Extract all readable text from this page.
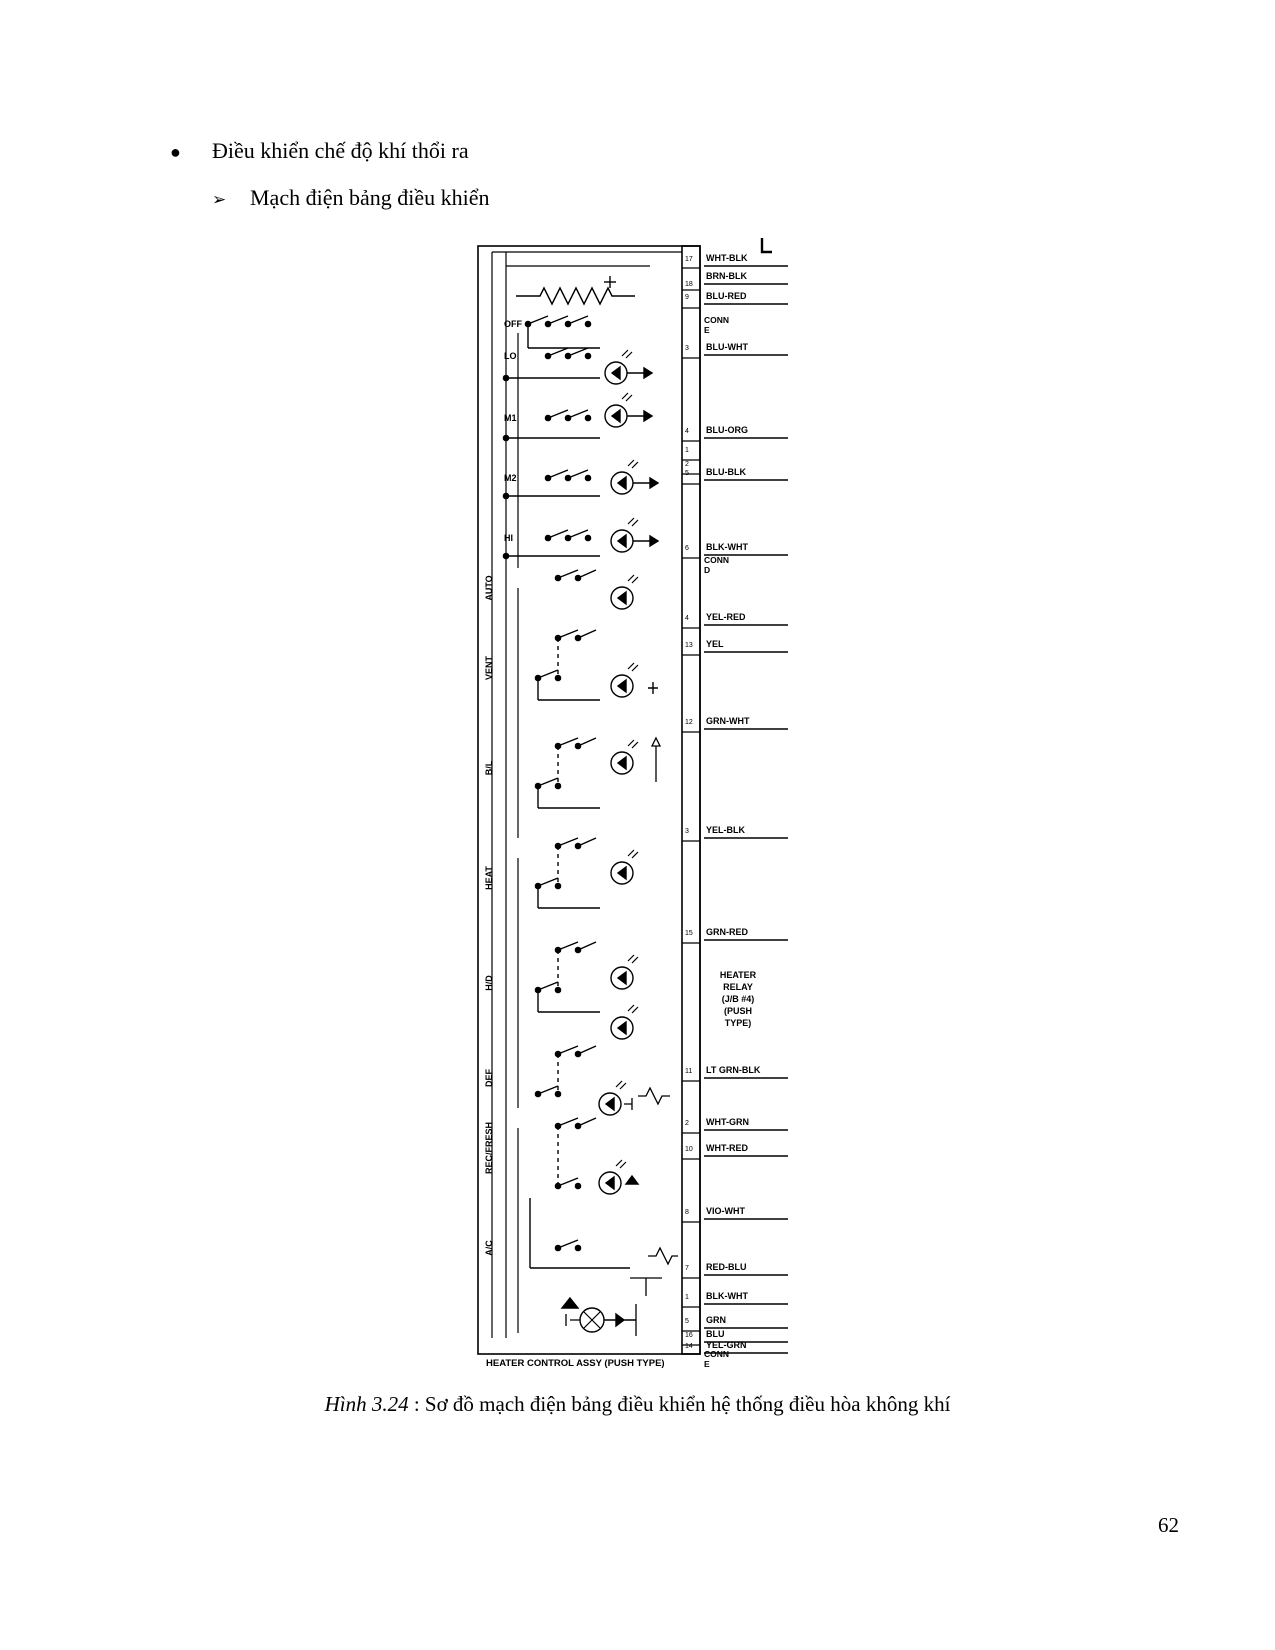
●	Điều khiển chế độ khí thổi ra
➢	Mạch điện bảng điều khiển
WHT-BLK
BRN-BLK
BLU-RED
BLU-WHT
BLU-ORG
BLU-BLK
BLK-WHT
YEL-RED
YEL
GRN-WHT
YEL-BLK
GRN-RED
LT GRN-BLK
WHT-GRN
WHT-RED
VIO-WHT
RED-BLU
BLK-WHT
GRN
BLU
YEL-GRN
17
18
9
3
4
1
2
5
6
4
13
12
3
15
11
2
10
8
7
1
5
16
14
OFF
LO
M1
M2
HI
AUTO
VENT
B/L
HEAT
H/D
DEF
REC/FRESH
A/C
CONN
E
CONN
D
CONN
E
HEATER
RELAY
(J/B #4)
(PUSH
TYPE)
HEATER CONTROL ASSY (PUSH TYPE)
Hình 3.24 : Sơ đồ mạch điện bảng điều khiển hệ thống điều hòa không khí
62
